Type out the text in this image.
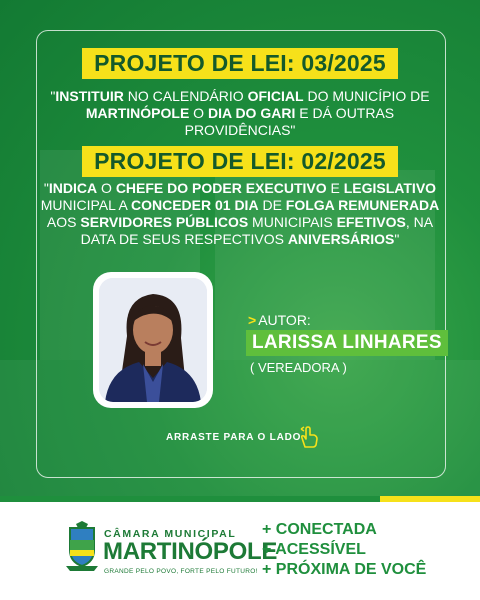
PROJETO DE LEI: 03/2025
"INSTITUIR NO CALENDÁRIO OFICIAL DO MUNICÍPIO DE
MARTINÓPOLE O DIA DO GARI E DÁ OUTRAS PROVIDÊNCIAS"
PROJETO DE LEI: 02/2025
"INDICA O CHEFE DO PODER EXECUTIVO E LEGISLATIVO
MUNICIPAL A CONCEDER 01 DIA DE FOLGA REMUNERADA
AOS SERVIDORES PÚBLICOS MUNICIPAIS EFETIVOS, NA
DATA DE SEUS RESPECTIVOS ANIVERSÁRIOS"
> AUTOR:
LARISSA LINHARES
( VEREADORA )
ARRASTE PARA O LADO
CÂMARA MUNICIPAL
MARTINÓPOLE
GRANDE PELO POVO, FORTE PELO FUTURO!
+ CONECTADA
+ ACESSÍVEL
+ PRÓXIMA DE VOCÊ
